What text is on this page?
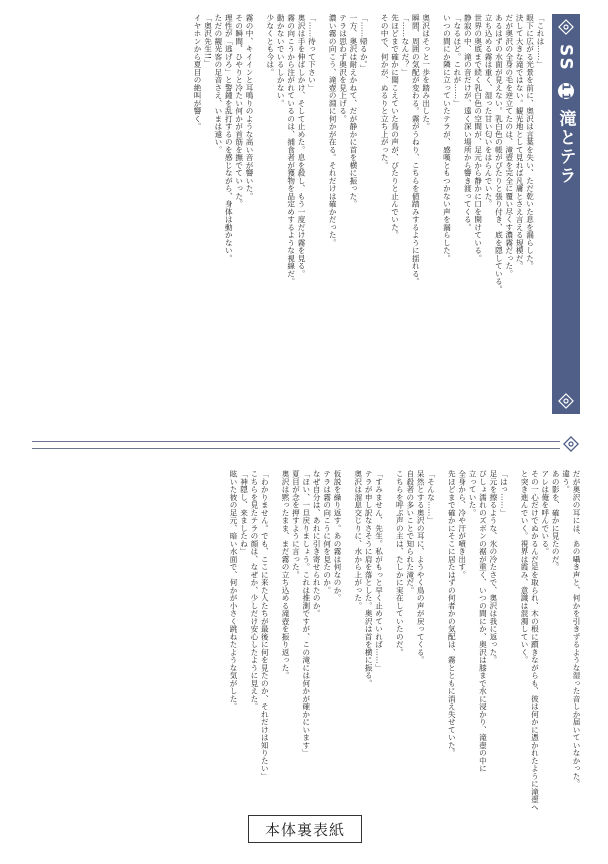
SS 11 滝とテラ
「これは……」
眼下に広がる光景を前に、奥沢は言葉を失い、ただ乾いた息を漏らした。
決して大きな滝ではない。観光地として見れば凡庸とさえ言える規模だ。
だが奥沢の全身の毛を逆立てたのは、滝壺を完全に覆い尽くす濃霧だった。
あるはずの水面が見えない。乳白色の帳がぴたりと張り付き、底を隠している。
立ち込める霧は重く、湿った甘い匂いをはらんでいた。
世界の奥底まで続く乳白色の空間が、足元から静かに口を開けている。
静寂の中、滝の音だけが、遠く深い場所から響き渡ってくる。
「なるほど。これが……」
いつの間にか隣に立っていたテラが、感嘆ともつかない声を漏らした。
奥沢はそっと一歩を踏み出した。
瞬間、周囲の気配が変わる。霧がうねり、こちらを値踏みするように揺れる。
「……なんだ？」
先ほどまで確かに聞こえていた鳥の声が、ぴたりと止んでいた。
その中で、何かが、ぬるりと立ち上がった。
「……帰るか。」
一方、奥沢は耐えかねて、だが静かに首を横に振った。
テラは思わず奥沢を見上げる。
濃い霧の向こう、滝壺の淵に何かが在る。それだけは確かだった。
「……待って下さい」
奥沢は手を伸ばしかけ、そして止めた。息を殺し、もう一度だけ霧を見る。
霧の向こうから注がれているのは、捕食者が獲物を品定めするような視線だ。
動かないでいるしかない。
少なくとも今は。
霧の中、キイインと耳鳴りのような高い音が響いた。
その瞬間、ひやりと冷たい何かが首筋を撫でていった。
理性が「逃げろ」と警鐘を乱打するのを感じながら、身体は動かない。
ただの観光客の足音さえ、いまは遠い。
「奥沢先生!!」
イヤホンから夏目の絶叫が響く。
だが奥沢の耳には、あの囁き声と、何かを引きずるような湿った音しか届いていなかった。
違う。
あの影を、確かに見たのだ。
アレは俺を呼んでいる。
その一心だけでぬかるんだ足を取られ、木の根に躓きながらも、彼は何かに憑かれたように滝壺へ
と突き進んでいく。視界は霞み、意識は混濁していく。
「はっ……」
足元を擦るような、氷の冷たさで、奥沢は我に返った。
びしょ濡れのズボンの裾が重く、いつの間にか、奥沢は膝まで水に浸かり、滝壺の中に
立っていた。
全身から、冷や汗が噴き出す。
先ほどまで確かにそこに居たはずの何者かの気配は、霧とともに消え失せていた。
「そんな……」
呆然とする奥沢の耳に、ようやく鳥の声が戻ってくる。
自殺者の多いことで知られた滝だ。
こちらを呼ぶ声の主は、たしかに実在していたのだ。
「すみません、先生。私がもっと早く止めていれば……」
テラが申し訳なさそうに肩を落とした。奥沢は首を横に振る。
奥沢は溜息交じりに、水から上がった。
仮説を繰り返す。あの霧は何なのか。
テラは霧の向こうに何を見たのか。
なぜ自分は、あれに引き寄せられたのか。
「ほい、一旦戻りましょう。これは推測ですが、この滝には何かが確かにいます」
夏目が念を押すように言った。
奥沢は黙ったまま、まだ霧の立ち込める滝壺を振り返った。
「わかりません。でも、ここに来た人たちが最後に何を見たのか、それだけは知りたい」
こちらを見たテラの顔は、なぜか、少しだけ安心したように見えた。
「神隠し、来ましたね」
眩いた彼の足元、暗い水面で、何かが小さく跳ねたような気がした。
本体裏表紙
